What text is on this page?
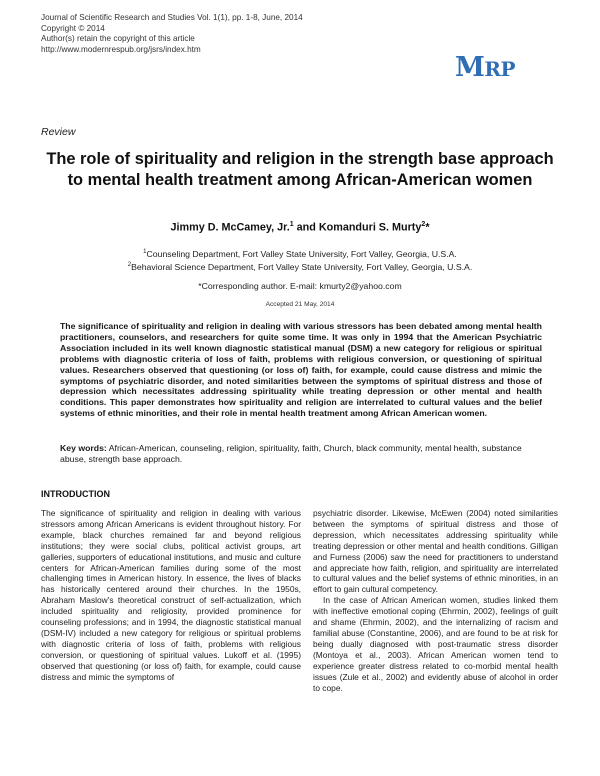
Journal of Scientific Research and Studies Vol. 1(1), pp. 1-8, June, 2014
Copyright © 2014
Author(s) retain the copyright of this article
http://www.modernrespub.org/jsrs/index.htm
MRP
Review
The role of spirituality and religion in the strength base approach to mental health treatment among African-American women
Jimmy D. McCamey, Jr.$^1$ and Komanduri S. Murty$^2$*
$^1$Counseling Department, Fort Valley State University, Fort Valley, Georgia, U.S.A.
$^2$Behavioral Science Department, Fort Valley State University, Fort Valley, Georgia, U.S.A.
*Corresponding author. E-mail: kmurty2@yahoo.com
Accepted 21 May, 2014
The significance of spirituality and religion in dealing with various stressors has been debated among mental health practitioners, counselors, and researchers for quite some time. It was only in 1994 that the American Psychiatric Association included in its well known diagnostic statistical manual (DSM) a new category for religious or spiritual problems with diagnostic criteria of loss of faith, problems with religious conversion, or questioning of spiritual values. Researchers observed that questioning (or loss of) faith, for example, could cause distress and mimic the symptoms of psychiatric disorder, and noted similarities between the symptoms of spiritual distress and those of depression which necessitates addressing spirituality while treating depression or other mental and health conditions. This paper demonstrates how spirituality and religion are interrelated to cultural values and the belief systems of ethnic minorities, and their role in mental health treatment among African American women.
Key words: African-American, counseling, religion, spirituality, faith, Church, black community, mental health, substance abuse, strength base approach.
INTRODUCTION

The significance of spirituality and religion in dealing with various stressors among African Americans is evident throughout history. For example, black churches remained far and beyond religious institutions; they were social clubs, political activist groups, art galleries, supporters of educational institutions, and music and culture centers for African-American families during some of the most challenging times in American history. In essence, the lives of blacks has historically centered around their churches. In the 1950s, Abraham Maslow's theoretical construct of self-actualization, which included spirituality and religiosity, provided prominence for counseling professions; and in 1994, the diagnostic statistical manual (DSM-IV) included a new category for religious or spiritual problems with diagnostic criteria of loss of faith, problems with religious conversion, or questioning of spiritual values. Lukoff et al. (1995) observed that questioning (or loss of) faith, for example, could cause distress and mimic the symptoms of

psychiatric disorder. Likewise, McEwen (2004) noted similarities between the symptoms of spiritual distress and those of depression, which necessitates addressing spirituality while treating depression or other mental and health conditions. Gilligan and Furness (2006) saw the need for practitioners to understand and appreciate how faith, religion, and spirituality are interrelated to cultural values and the belief systems of ethnic minorities, in an effort to gain cultural competency.

In the case of African American women, studies linked them with ineffective emotional coping (Ehrmin, 2002), feelings of guilt and shame (Ehrmin, 2002), and the internalizing of racism and familial abuse (Constantine, 2006), and are found to be at risk for being dually diagnosed with post-traumatic stress disorder (Montoya et al., 2003). African American women tend to experience greater distress related to co-morbid mental health issues (Zule et al., 2002) and evidently abuse of alcohol in order to cope.
